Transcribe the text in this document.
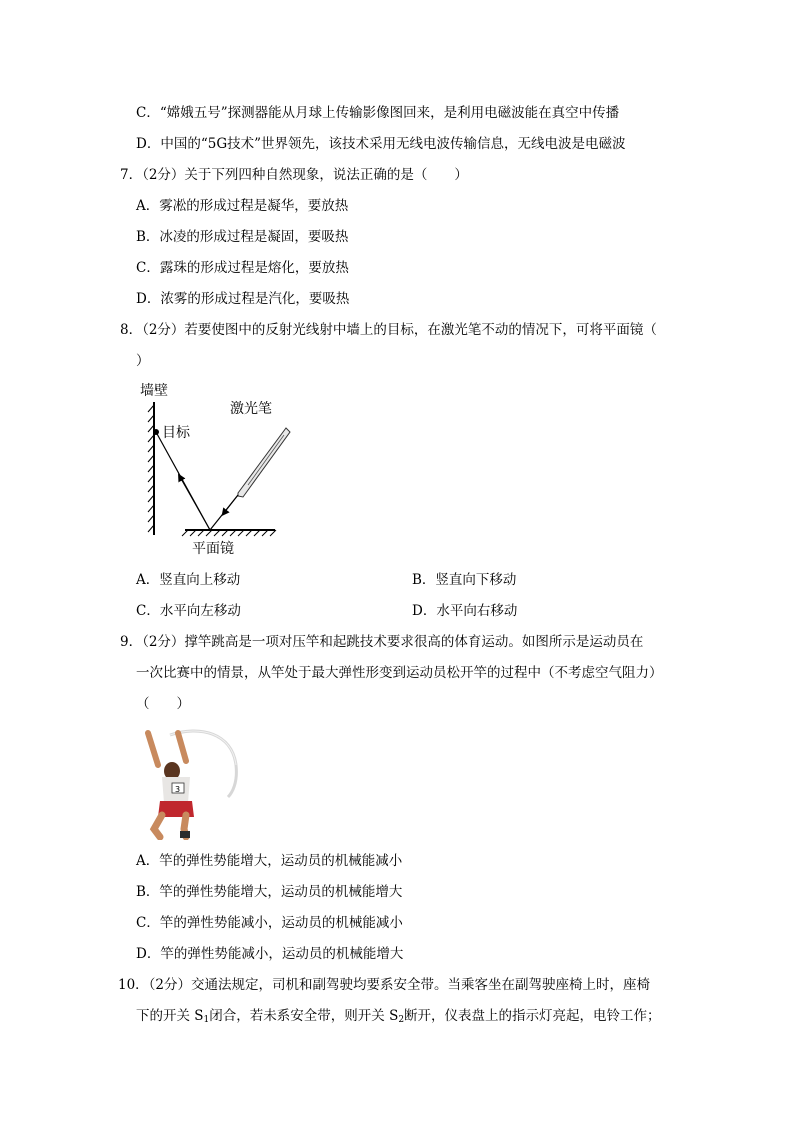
C．“嫦娥五号”探测器能从月球上传输影像图回来，是利用电磁波能在真空中传播
D．中国的“5G技术”世界领先，该技术采用无线电波传输信息，无线电波是电磁波
7．（2分）关于下列四种自然现象，说法正确的是（　　）
A．雾凇的形成过程是凝华，要放热
B．冰凌的形成过程是凝固，要吸热
C．露珠的形成过程是熔化，要放热
D．浓雾的形成过程是汽化，要吸热
8．（2分）若要使图中的反射光线射中墙上的目标，在激光笔不动的情况下，可将平面镜（
）
墙壁
目标
激光笔
平面镜
A．竖直向上移动	B．竖直向下移动
C．水平向左移动	D．水平向右移动
9．（2分）撑竿跳高是一项对压竿和起跳技术要求很高的体育运动。如图所示是运动员在
一次比赛中的情景，从竿处于最大弹性形变到运动员松开竿的过程中（不考虑空气阻力）
（　　）
3
A．竿的弹性势能增大，运动员的机械能减小
B．竿的弹性势能增大，运动员的机械能增大
C．竿的弹性势能减小，运动员的机械能减小
D．竿的弹性势能减小，运动员的机械能增大
10．（2分）交通法规定，司机和副驾驶均要系安全带。当乘客坐在副驾驶座椅上时，座椅
下的开关 $S_1$闭合，若未系安全带，则开关 $S_2$断开，仪表盘上的指示灯亮起，电铃工作；
